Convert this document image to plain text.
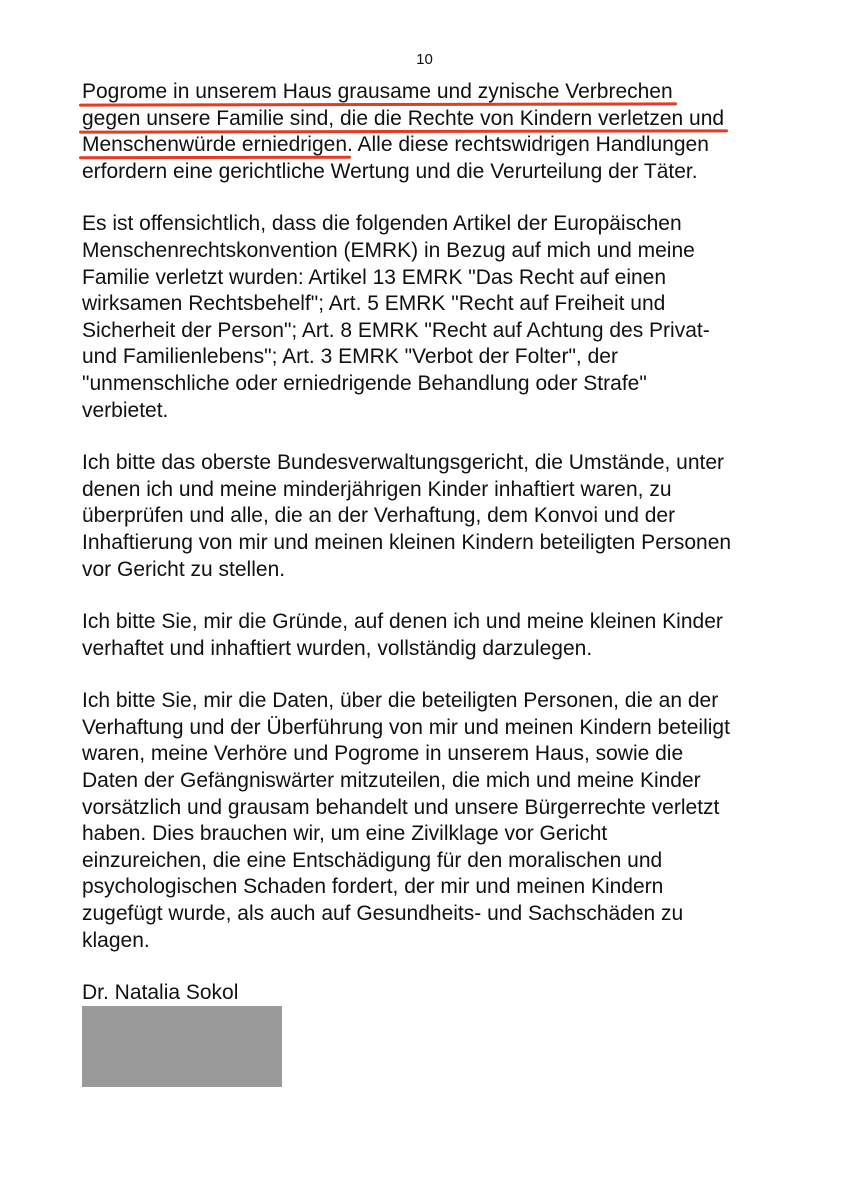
10

Pogrome in unserem Haus grausame und zynische Verbrechen
gegen unsere Familie sind, die die Rechte von Kindern verletzen und
Menschenwürde erniedrigen. Alle diese rechtswidrigen Handlungen
erfordern eine gerichtliche Wertung und die Verurteilung der Täter.

Es ist offensichtlich, dass die folgenden Artikel der Europäischen
Menschenrechtskonvention (EMRK) in Bezug auf mich und meine
Familie verletzt wurden: Artikel 13 EMRK "Das Recht auf einen
wirksamen Rechtsbehelf"; Art. 5 EMRK "Recht auf Freiheit und
Sicherheit der Person"; Art. 8 EMRK "Recht auf Achtung des Privat-
und Familienlebens"; Art. 3 EMRK "Verbot der Folter", der
"unmenschliche oder erniedrigende Behandlung oder Strafe"
verbietet.

Ich bitte das oberste Bundesverwaltungsgericht, die Umstände, unter
denen ich und meine minderjährigen Kinder inhaftiert waren, zu
überprüfen und alle, die an der Verhaftung, dem Konvoi und der
Inhaftierung von mir und meinen kleinen Kindern beteiligten Personen
vor Gericht zu stellen.

Ich bitte Sie, mir die Gründe, auf denen ich und meine kleinen Kinder
verhaftet und inhaftiert wurden, vollständig darzulegen.

Ich bitte Sie, mir die Daten, über die beteiligten Personen, die an der
Verhaftung und der Überführung von mir und meinen Kindern beteiligt
waren, meine Verhöre und Pogrome in unserem Haus, sowie die
Daten der Gefängniswärter mitzuteilen, die mich und meine Kinder
vorsätzlich und grausam behandelt und unsere Bürgerrechte verletzt
haben. Dies brauchen wir, um eine Zivilklage vor Gericht
einzureichen, die eine Entschädigung für den moralischen und
psychologischen Schaden fordert, der mir und meinen Kindern
zugefügt wurde, als auch auf Gesundheits- und Sachschäden zu
klagen.

Dr. Natalia Sokol
